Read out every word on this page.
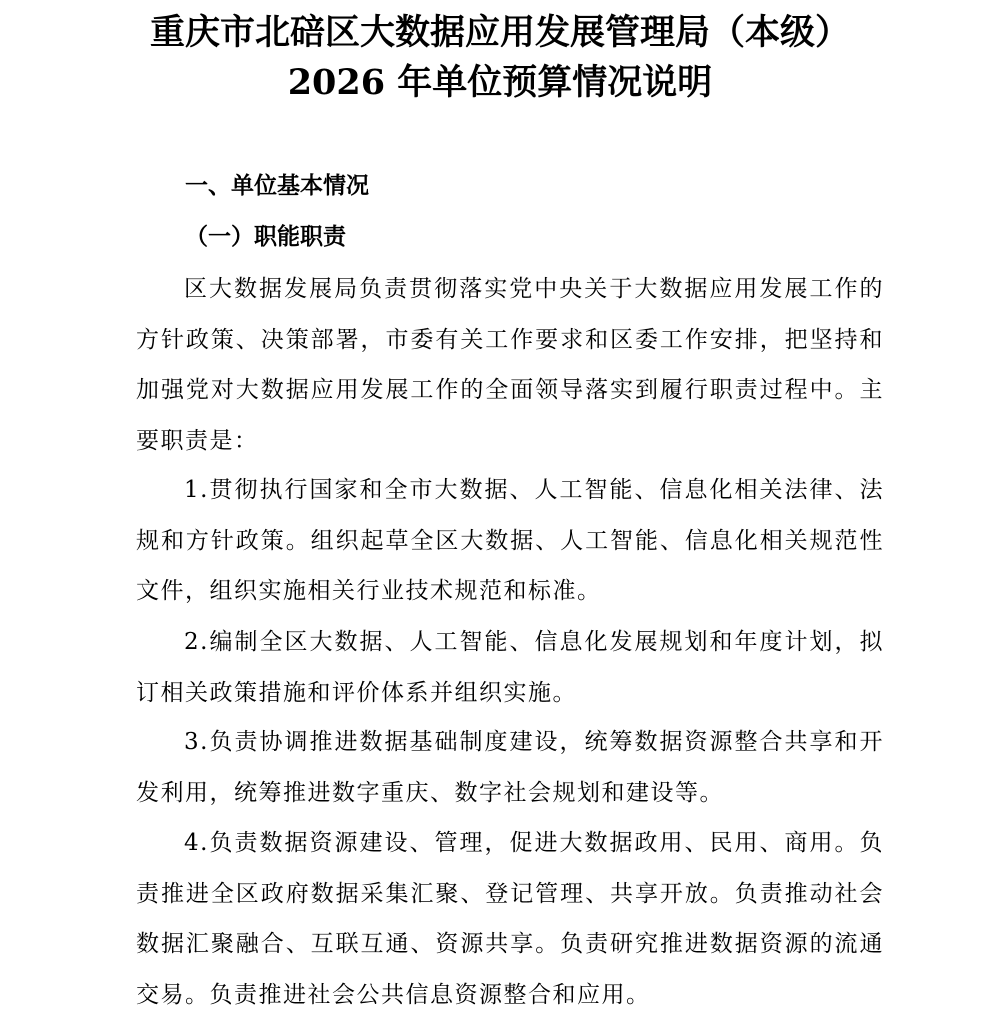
重庆市北碚区大数据应用发展管理局（本级）
2026 年单位预算情况说明
一、单位基本情况
（一）职能职责

区大数据发展局负责贯彻落实党中央关于大数据应用发展工作的方针政策、决策部署，市委有关工作要求和区委工作安排，把坚持和加强党对大数据应用发展工作的全面领导落实到履行职责过程中。主要职责是：

1.贯彻执行国家和全市大数据、人工智能、信息化相关法律、法规和方针政策。组织起草全区大数据、人工智能、信息化相关规范性文件，组织实施相关行业技术规范和标准。

2.编制全区大数据、人工智能、信息化发展规划和年度计划，拟订相关政策措施和评价体系并组织实施。

3.负责协调推进数据基础制度建设，统筹数据资源整合共享和开发利用，统筹推进数字重庆、数字社会规划和建设等。

4.负责数据资源建设、管理，促进大数据政用、民用、商用。负责推进全区政府数据采集汇聚、登记管理、共享开放。负责推动社会数据汇聚融合、互联互通、资源共享。负责研究推进数据资源的流通交易。负责推进社会公共信息资源整合和应用。
